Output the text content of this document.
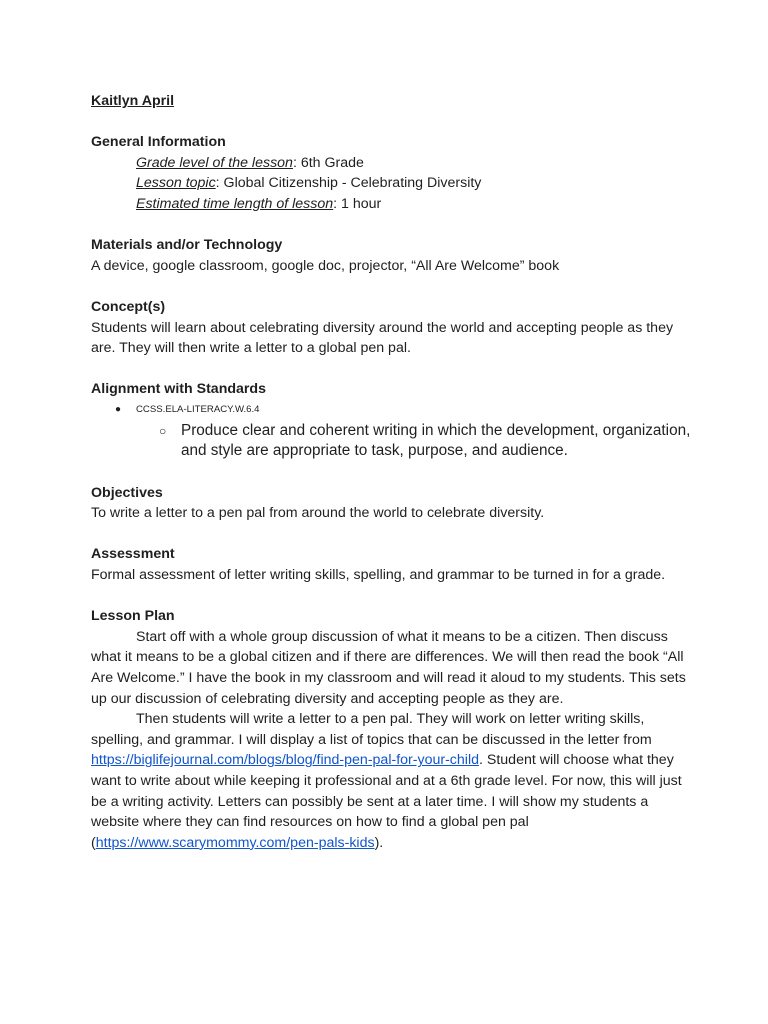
Kaitlyn April

General Information

Grade level of the lesson: 6th Grade

Lesson topic: Global Citizenship - Celebrating Diversity

Estimated time length of lesson: 1 hour

Materials and/or Technology

A device, google classroom, google doc, projector, “All Are Welcome” book

Concept(s)

Students will learn about celebrating diversity around the world and accepting people as they are. They will then write a letter to a global pen pal.

Alignment with Standards

● CCSS.ELA-LITERACY.W.6.4

○ Produce clear and coherent writing in which the development, organization, and style are appropriate to task, purpose, and audience.

Objectives

To write a letter to a pen pal from around the world to celebrate diversity.

Assessment

Formal assessment of letter writing skills, spelling, and grammar to be turned in for a grade.

Lesson Plan

Start off with a whole group discussion of what it means to be a citizen. Then discuss what it means to be a global citizen and if there are differences. We will then read the book “All Are Welcome.” I have the book in my classroom and will read it aloud to my students. This sets up our discussion of celebrating diversity and accepting people as they are.

Then students will write a letter to a pen pal. They will work on letter writing skills, spelling, and grammar. I will display a list of topics that can be discussed in the letter from https://biglifejournal.com/blogs/blog/find-pen-pal-for-your-child. Student will choose what they want to write about while keeping it professional and at a 6th grade level. For now, this will just be a writing activity. Letters can possibly be sent at a later time. I will show my students a website where they can find resources on how to find a global pen pal (https://www.scarymommy.com/pen-pals-kids).
